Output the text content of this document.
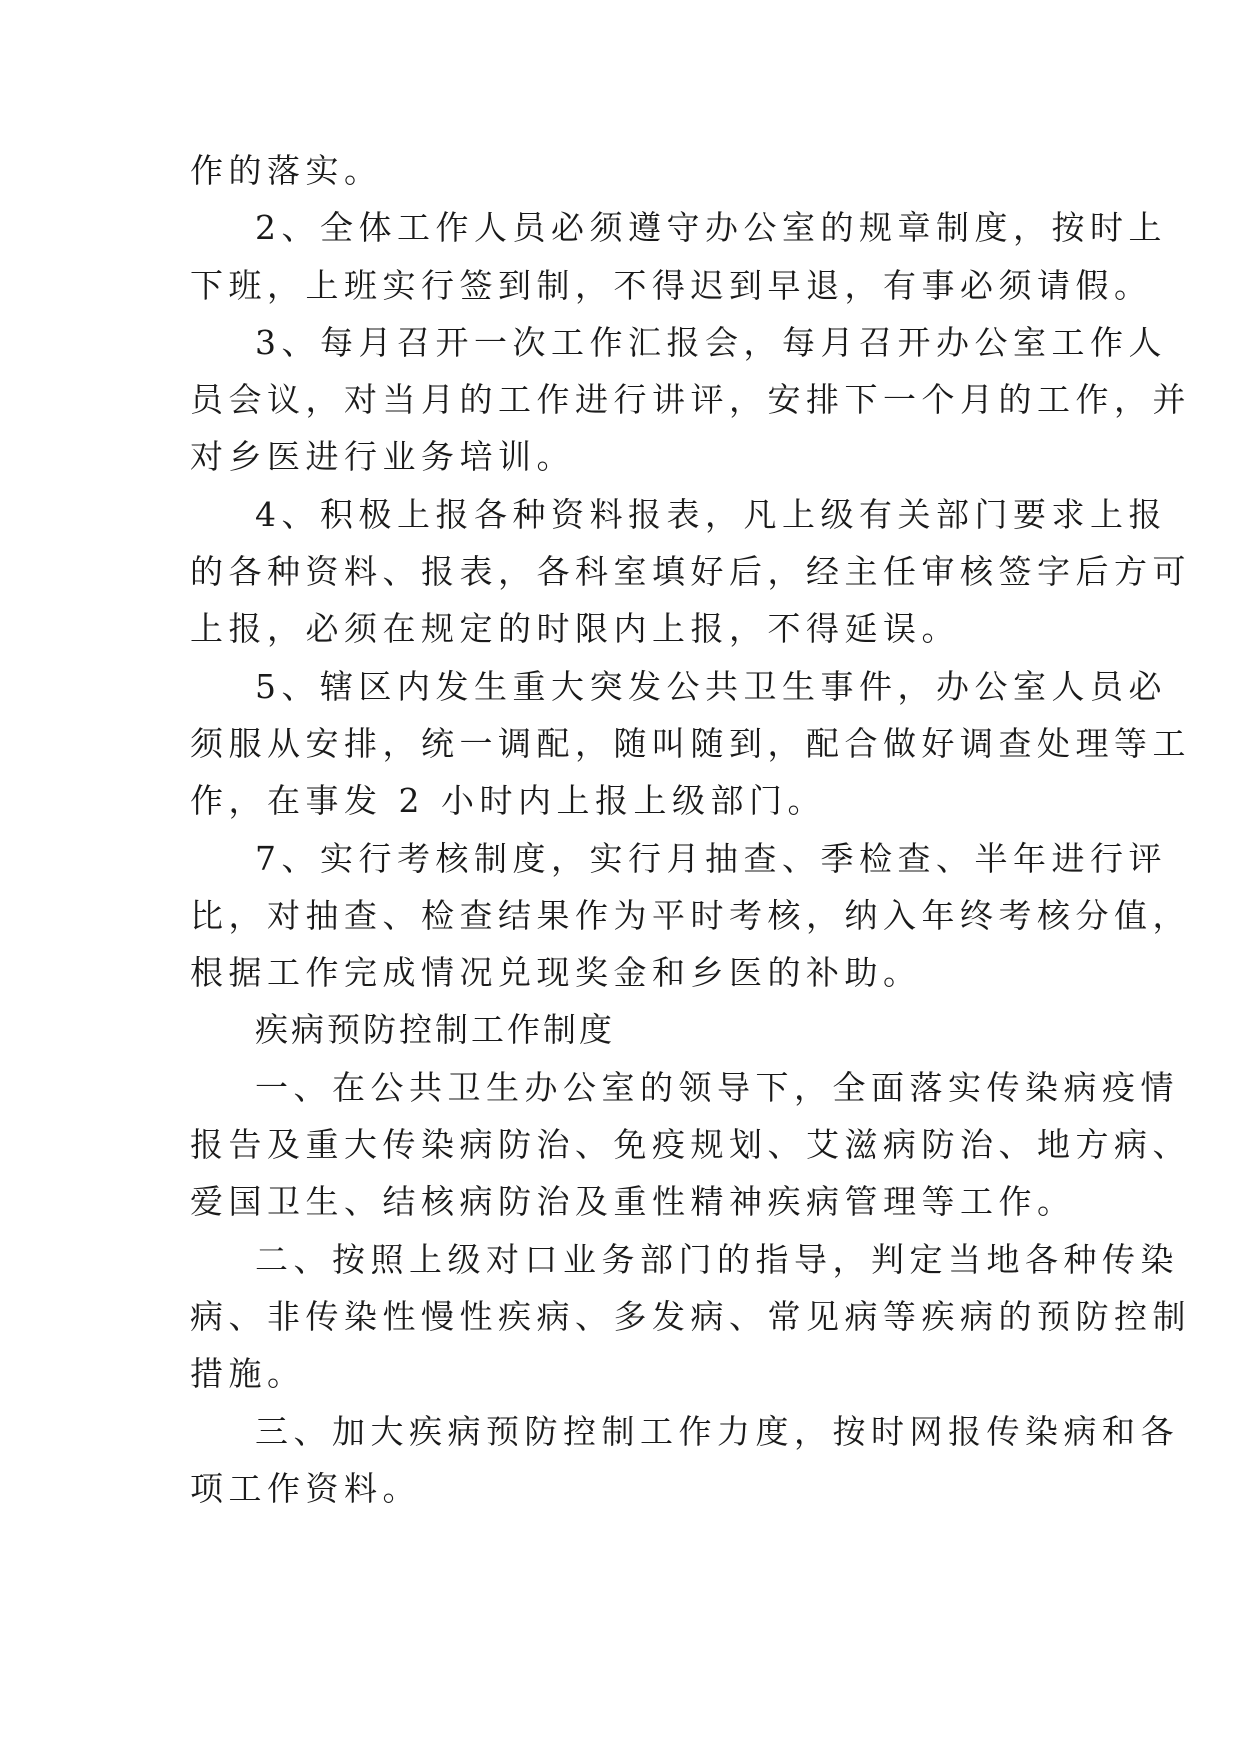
作的落实。
2、全体工作人员必须遵守办公室的规章制度，按时上
下班，上班实行签到制，不得迟到早退，有事必须请假。
3、每月召开一次工作汇报会，每月召开办公室工作人
员会议，对当月的工作进行讲评，安排下一个月的工作，并
对乡医进行业务培训。
4、积极上报各种资料报表，凡上级有关部门要求上报
的各种资料、报表，各科室填好后，经主任审核签字后方可
上报，必须在规定的时限内上报，不得延误。
5、辖区内发生重大突发公共卫生事件，办公室人员必
须服从安排，统一调配，随叫随到，配合做好调查处理等工
作，在事发 2 小时内上报上级部门。
7、实行考核制度，实行月抽查、季检查、半年进行评
比，对抽查、检查结果作为平时考核，纳入年终考核分值，
根据工作完成情况兑现奖金和乡医的补助。
疾病预防控制工作制度
一、在公共卫生办公室的领导下，全面落实传染病疫情
报告及重大传染病防治、免疫规划、艾滋病防治、地方病、
爱国卫生、结核病防治及重性精神疾病管理等工作。
二、按照上级对口业务部门的指导，判定当地各种传染
病、非传染性慢性疾病、多发病、常见病等疾病的预防控制
措施。
三、加大疾病预防控制工作力度，按时网报传染病和各
项工作资料。
